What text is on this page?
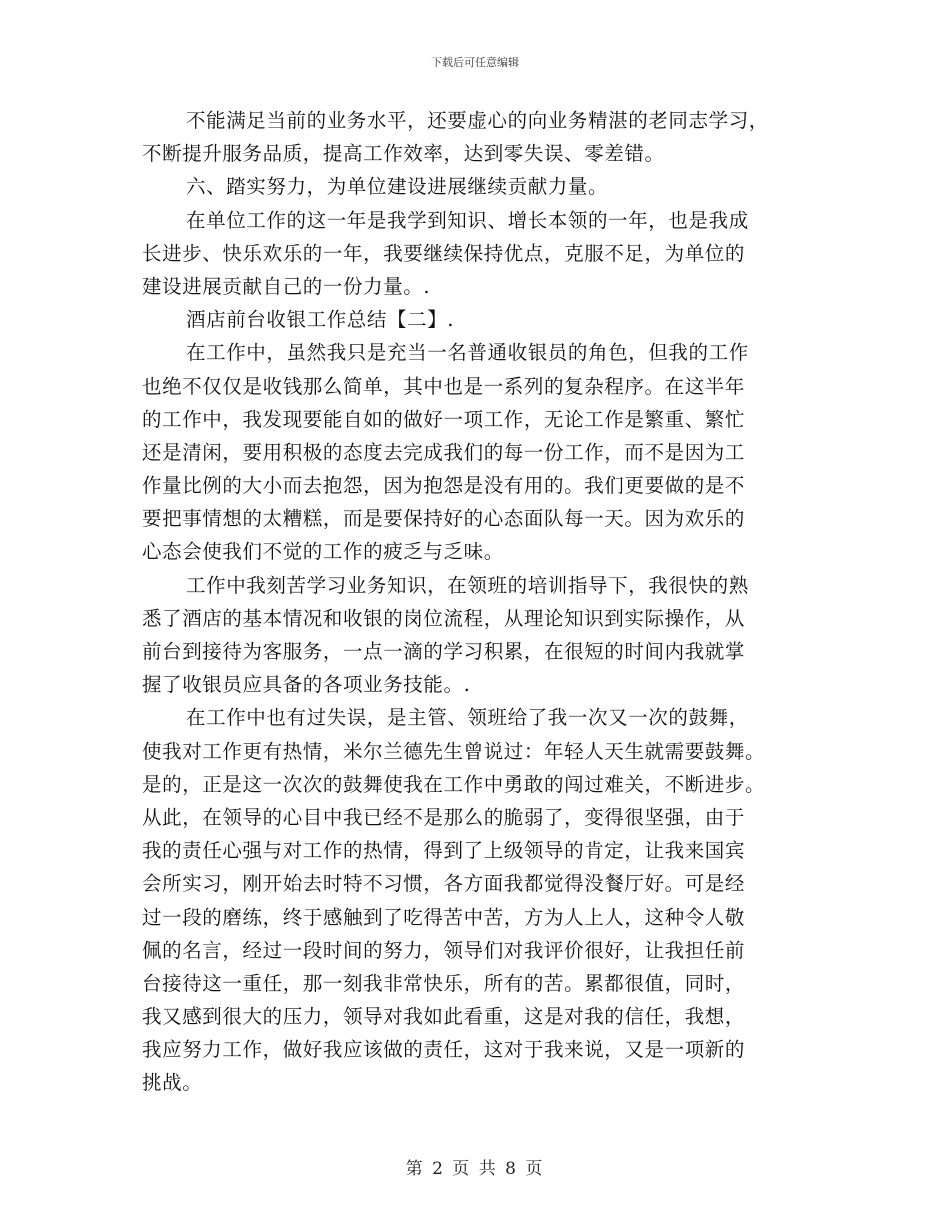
下载后可任意编辑
不能满足当前的业务水平，还要虚心的向业务精湛的老同志学习，
不断提升服务品质，提高工作效率，达到零失误、零差错。
六、踏实努力，为单位建设进展继续贡献力量。
在单位工作的这一年是我学到知识、增长本领的一年，也是我成
长进步、快乐欢乐的一年，我要继续保持优点，克服不足，为单位的
建设进展贡献自己的一份力量。.
酒店前台收银工作总结【二】.
在工作中，虽然我只是充当一名普通收银员的角色，但我的工作
也绝不仅仅是收钱那么简单，其中也是一系列的复杂程序。在这半年
的工作中，我发现要能自如的做好一项工作，无论工作是繁重、繁忙
还是清闲，要用积极的态度去完成我们的每一份工作，而不是因为工
作量比例的大小而去抱怨，因为抱怨是没有用的。我们更要做的是不
要把事情想的太糟糕，而是要保持好的心态面队每一天。因为欢乐的
心态会使我们不觉的工作的疲乏与乏味。
工作中我刻苦学习业务知识，在领班的培训指导下，我很快的熟
悉了酒店的基本情况和收银的岗位流程，从理论知识到实际操作，从
前台到接待为客服务，一点一滴的学习积累，在很短的时间内我就掌
握了收银员应具备的各项业务技能。.
在工作中也有过失误，是主管、领班给了我一次又一次的鼓舞，
使我对工作更有热情，米尔兰德先生曾说过：年轻人天生就需要鼓舞。
是的，正是这一次次的鼓舞使我在工作中勇敢的闯过难关，不断进步。
从此，在领导的心目中我已经不是那么的脆弱了，变得很坚强，由于
我的责任心强与对工作的热情，得到了上级领导的肯定，让我来国宾
会所实习，刚开始去时特不习惯，各方面我都觉得没餐厅好。可是经
过一段的磨练，终于感触到了吃得苦中苦，方为人上人，这种令人敬
佩的名言，经过一段时间的努力，领导们对我评价很好，让我担任前
台接待这一重任，那一刻我非常快乐，所有的苦。累都很值，同时，
我又感到很大的压力，领导对我如此看重，这是对我的信任，我想，
我应努力工作，做好我应该做的责任，这对于我来说，又是一项新的
挑战。
第 2 页 共 8 页
